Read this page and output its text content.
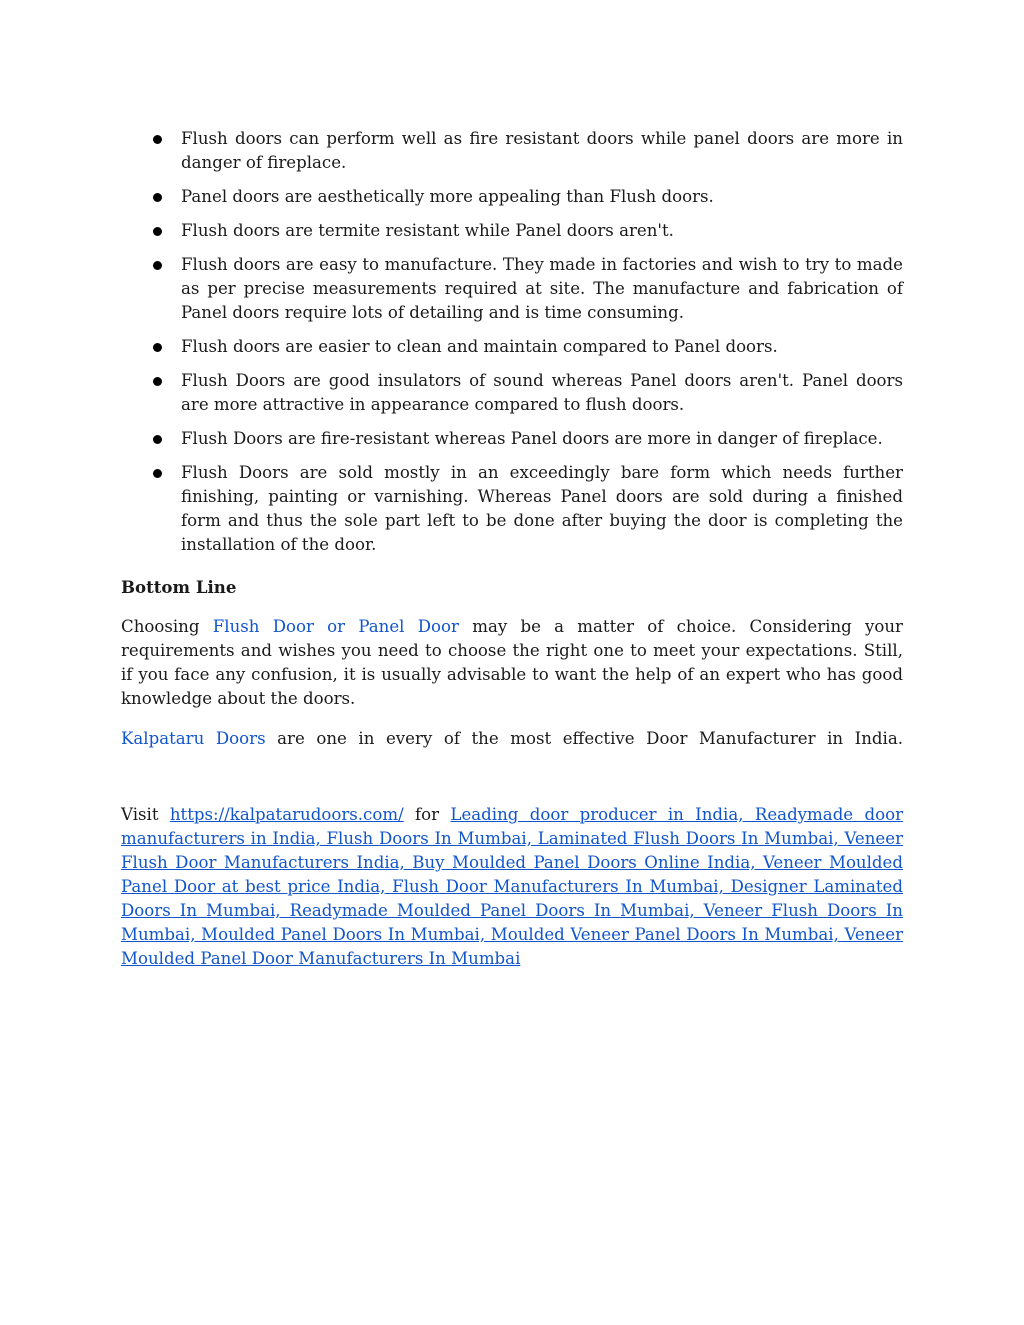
Flush doors can perform well as fire resistant doors while panel doors are more in danger of fireplace.
Panel doors are aesthetically more appealing than Flush doors.
Flush doors are termite resistant while Panel doors aren't.
Flush doors are easy to manufacture. They made in factories and wish to try to made as per precise measurements required at site. The manufacture and fabrication of Panel doors require lots of detailing and is time consuming.
Flush doors are easier to clean and maintain compared to Panel doors.
Flush Doors are good insulators of sound whereas Panel doors aren't. Panel doors are more attractive in appearance compared to flush doors.
Flush Doors are fire-resistant whereas Panel doors are more in danger of fireplace.
Flush Doors are sold mostly in an exceedingly bare form which needs further finishing, painting or varnishing. Whereas Panel doors are sold during a finished form and thus the sole part left to be done after buying the door is completing the installation of the door.
Bottom Line

Choosing Flush Door or Panel Door may be a matter of choice. Considering your requirements and wishes you need to choose the right one to meet your expectations. Still, if you face any confusion, it is usually advisable to want the help of an expert who has good knowledge about the doors.

Kalpataru Doors are one in every of the most effective Door Manufacturer in India.

Visit https://kalpatarudoors.com/ for Leading door producer in India, Readymade door manufacturers in India, Flush Doors In Mumbai, Laminated Flush Doors In Mumbai, Veneer Flush Door Manufacturers India, Buy Moulded Panel Doors Online India, Veneer Moulded Panel Door at best price India, Flush Door Manufacturers In Mumbai, Designer Laminated Doors In Mumbai, Readymade Moulded Panel Doors In Mumbai, Veneer Flush Doors In Mumbai, Moulded Panel Doors In Mumbai, Moulded Veneer Panel Doors In Mumbai, Veneer Moulded Panel Door Manufacturers In Mumbai
